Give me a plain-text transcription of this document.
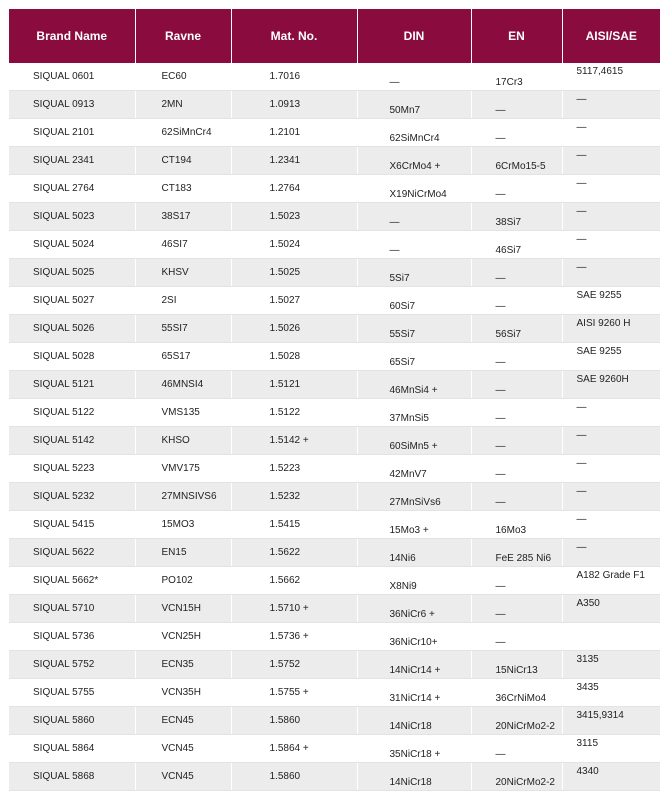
Brand Name	Ravne	Mat. No.	DIN	EN	AISI/SAE

SIQUAL 0601	EC60	1.7016	—	17Cr3	5117,4615

SIQUAL 0913	2MN	1.0913	50Mn7	—	—

SIQUAL 2101	62SiMnCr4	1.2101	62SiMnCr4	—	—

SIQUAL 2341	CT194	1.2341	X6CrMo4 +	6CrMo15-5	—

SIQUAL 2764	CT183	1.2764	X19NiCrMo4	—	—

SIQUAL 5023	38S17	1.5023	—	38Si7	—

SIQUAL 5024	46SI7	1.5024	—	46Si7	—

SIQUAL 5025	KHSV	1.5025	5Si7	—	—

SIQUAL 5027	2SI	1.5027	60Si7	—	SAE 9255

SIQUAL 5026	55SI7	1.5026	55Si7	56Si7	AISI 9260 H

SIQUAL 5028	65S17	1.5028	65Si7	—	SAE 9255

SIQUAL 5121	46MNSI4	1.5121	46MnSi4 +	—	SAE 9260H

SIQUAL 5122	VMS135	1.5122	37MnSi5	—	—

SIQUAL 5142	KHSO	1.5142 +	60SiMn5 +	—	—

SIQUAL 5223	VMV175	1.5223	42MnV7	—	—

SIQUAL 5232	27MNSIVS6	1.5232	27MnSiVs6	—	—

SIQUAL 5415	15MO3	1.5415	15Mo3 +	16Mo3	—

SIQUAL 5622	EN15	1.5622	14Ni6	FeE 285 Ni6	—

SIQUAL 5662*	PO102	1.5662	X8Ni9	—	A182 Grade F1

SIQUAL 5710	VCN15H	1.5710 +	36NiCr6 +	—	A350

SIQUAL 5736	VCN25H	1.5736 +	36NiCr10+	—	

SIQUAL 5752	ECN35	1.5752	14NiCr14 +	15NiCr13	3135

SIQUAL 5755	VCN35H	1.5755 +	31NiCr14 +	36CrNiMo4	3435

SIQUAL 5860	ECN45	1.5860	14NiCr18	20NiCrMo2-2	3415,9314

SIQUAL 5864	VCN45	1.5864 +	35NiCr18 +	—	3115

SIQUAL 5868	VCN45	1.5860	14NiCr18	20NiCrMo2-2	4340
